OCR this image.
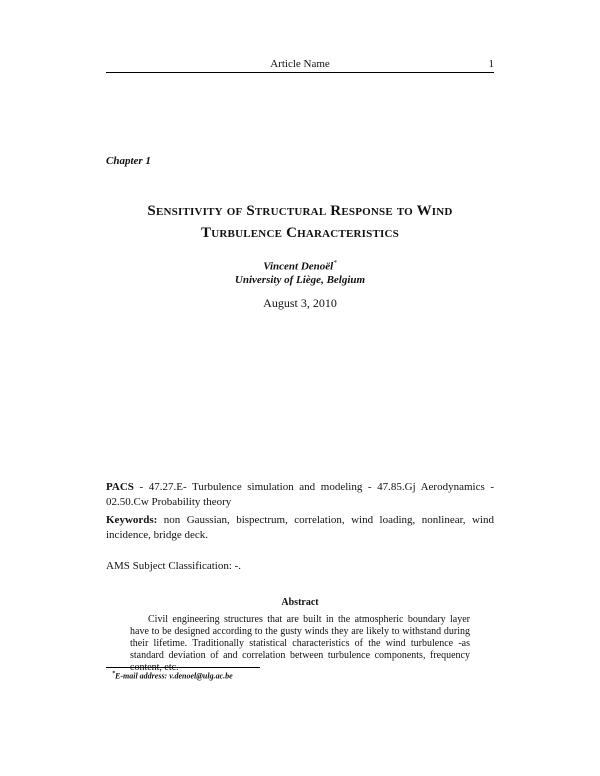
Article Name	1
Chapter 1
Sensitivity of Structural Response to Wind
Turbulence Characteristics
Vincent Denoël*
University of Liège, Belgium
August 3, 2010
PACS - 47.27.E- Turbulence simulation and modeling - 47.85.Gj Aerodynamics - 02.50.Cw Probability theory
Keywords: non Gaussian, bispectrum, correlation, wind loading, nonlinear, wind incidence, bridge deck.
AMS Subject Classification: -.
Abstract
Civil engineering structures that are built in the atmospheric boundary layer have to be designed according to the gusty winds they are likely to withstand during their lifetime. Traditionally statistical characteristics of the wind turbulence -as standard deviation of and correlation between turbulence components, frequency content, etc.
*E-mail address: v.denoel@ulg.ac.be
